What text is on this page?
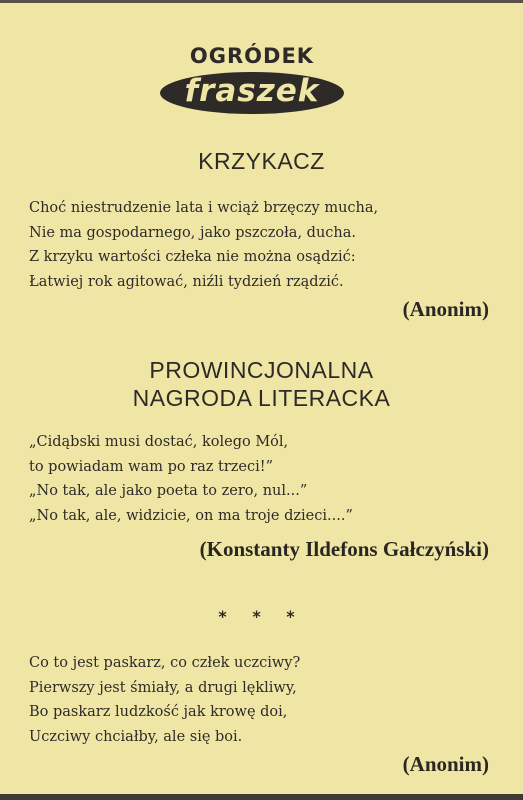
OGRÓDEK
fraszek
KRZYKACZ
Choć niestrudzenie lata i wciąż brzęczy mucha,
Nie ma gospodarnego, jako pszczoła, ducha.
Z krzyku wartości człeka nie można osądzić:
Łatwiej rok agitować, niźli tydzień rządzić.
(Anonim)
PROWINCJONALNA
NAGRODA LITERACKA
„Cidąbski musi dostać, kolego Mól,
to powiadam wam po raz trzeci!”
„No tak, ale jako poeta to zero, nul...”
„No tak, ale, widzicie, on ma troje dzieci....”
(Konstanty Ildefons Gałczyński)
* * *
Co to jest paskarz, co człek uczciwy?
Pierwszy jest śmiały, a drugi lękliwy,
Bo paskarz ludzkość jak krowę doi,
Uczciwy chciałby, ale się boi.
(Anonim)
